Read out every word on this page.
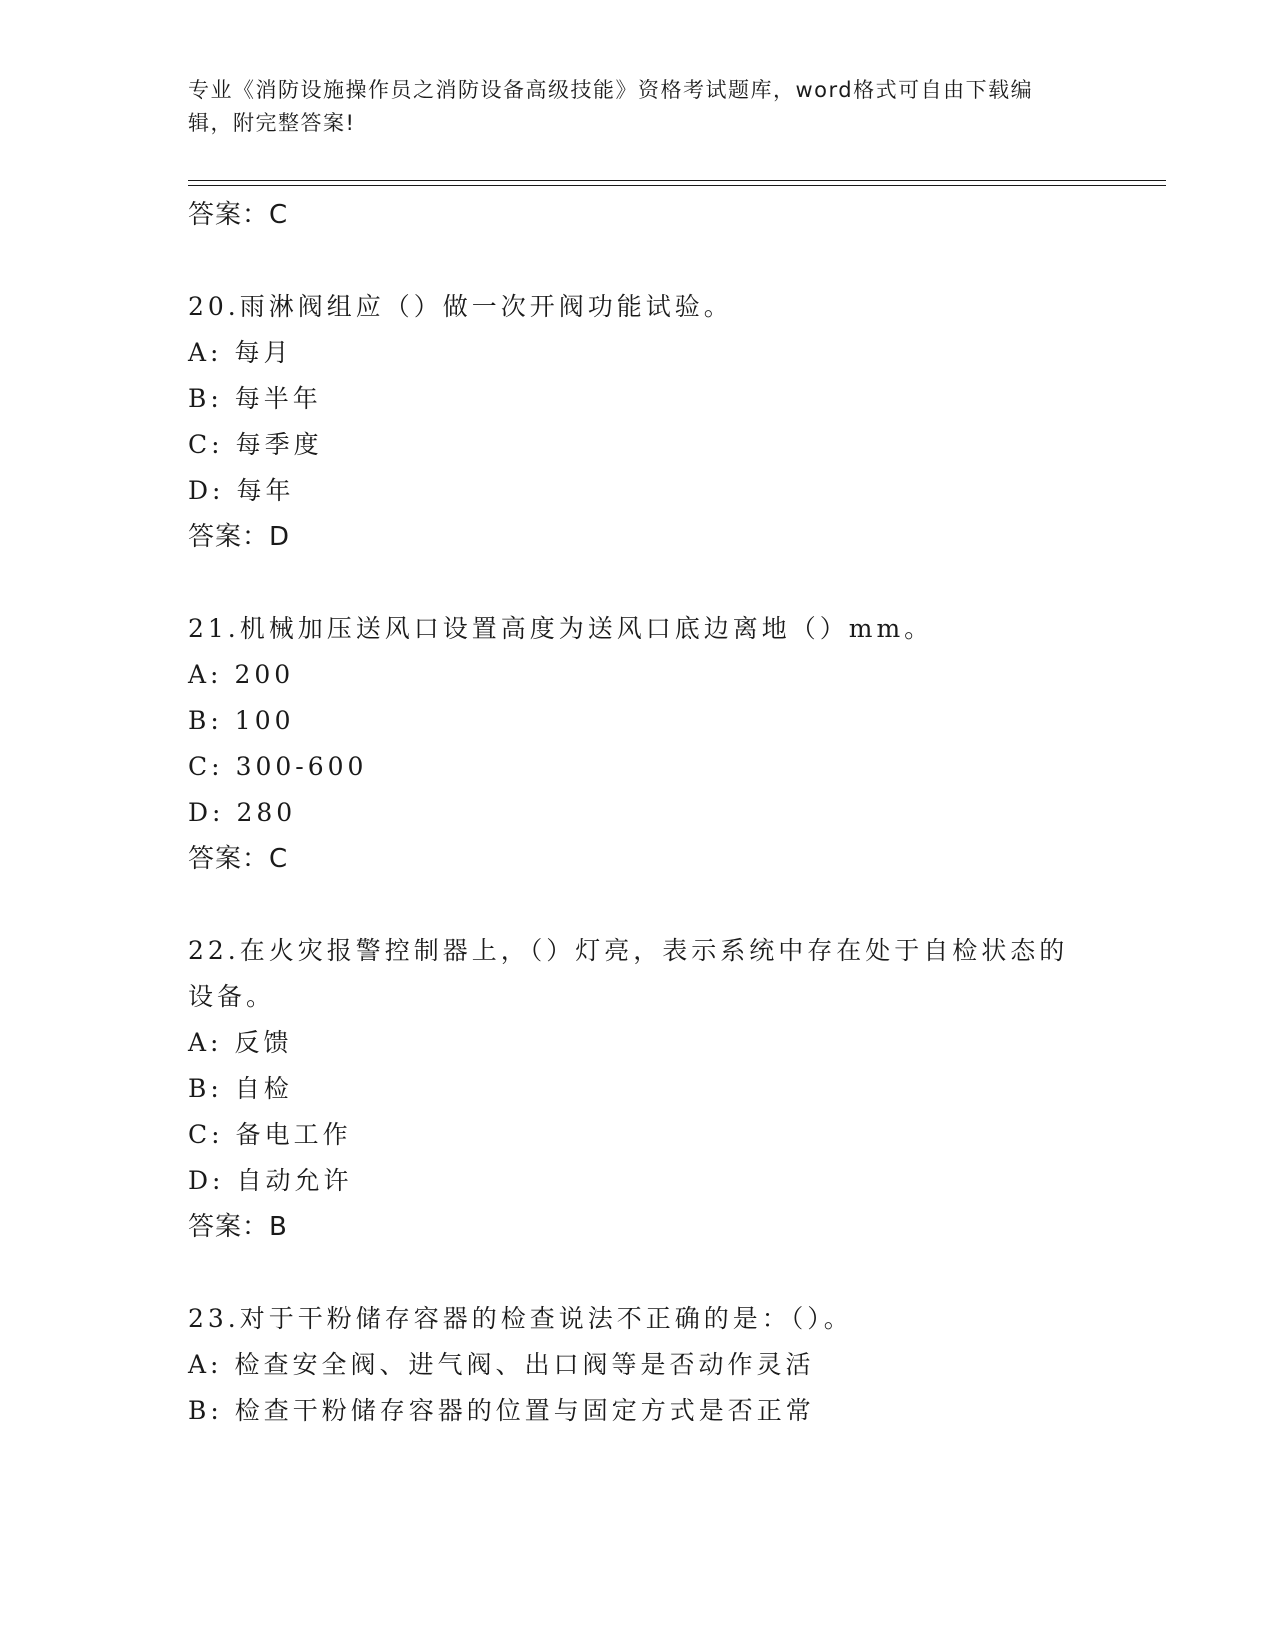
专业《消防设施操作员之消防设备高级技能》资格考试题库，word格式可自由下载编辑，附完整答案!
答案：C
20.雨淋阀组应（）做一次开阀功能试验。
A: 每月
B: 每半年
C: 每季度
D: 每年
答案：D
21.机械加压送风口设置高度为送风口底边离地（）mm。
A: 200
B: 100
C: 300-600
D: 280
答案：C
22.在火灾报警控制器上，（）灯亮，表示系统中存在处于自检状态的设备。
A: 反馈
B: 自检
C: 备电工作
D: 自动允许
答案：B
23.对于干粉储存容器的检查说法不正确的是：（）。
A: 检查安全阀、进气阀、出口阀等是否动作灵活
B: 检查干粉储存容器的位置与固定方式是否正常
